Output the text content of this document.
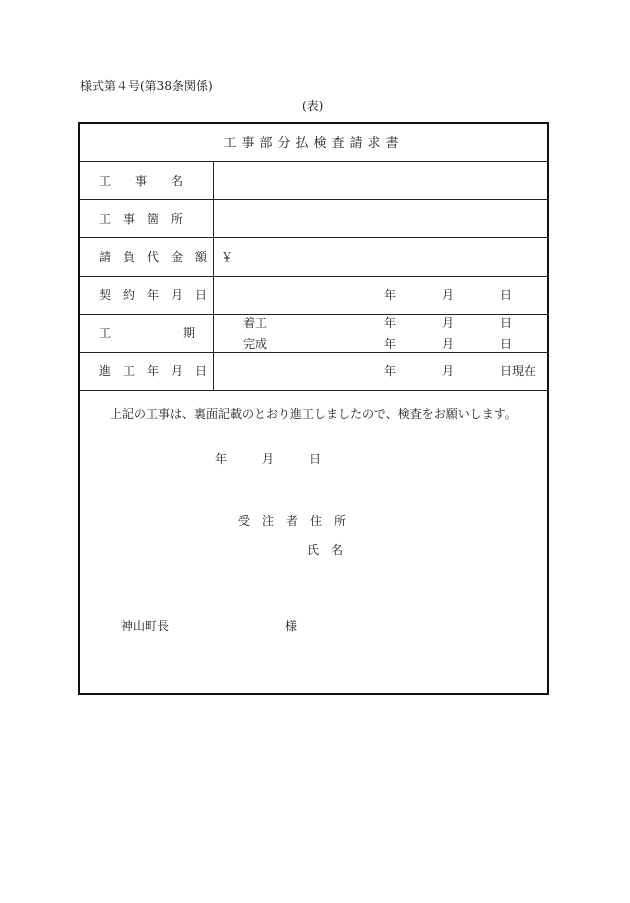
様式第４号(第38条関係)
(表)
工事部分払検査請求書
工　　事　　名
工　事　箇　所
請　負　代　金　額 ￥
契　約　年　月　日	年	月	日
工	期
着工	年	月	日
完成	年	月	日
進　工　年　月　日	年	月	日現在
上記の工事は、裏面記載のとおり進工しましたので、検査をお願いします。
年	月	日
受　注　者　住　所
氏　名
神山町長	様
